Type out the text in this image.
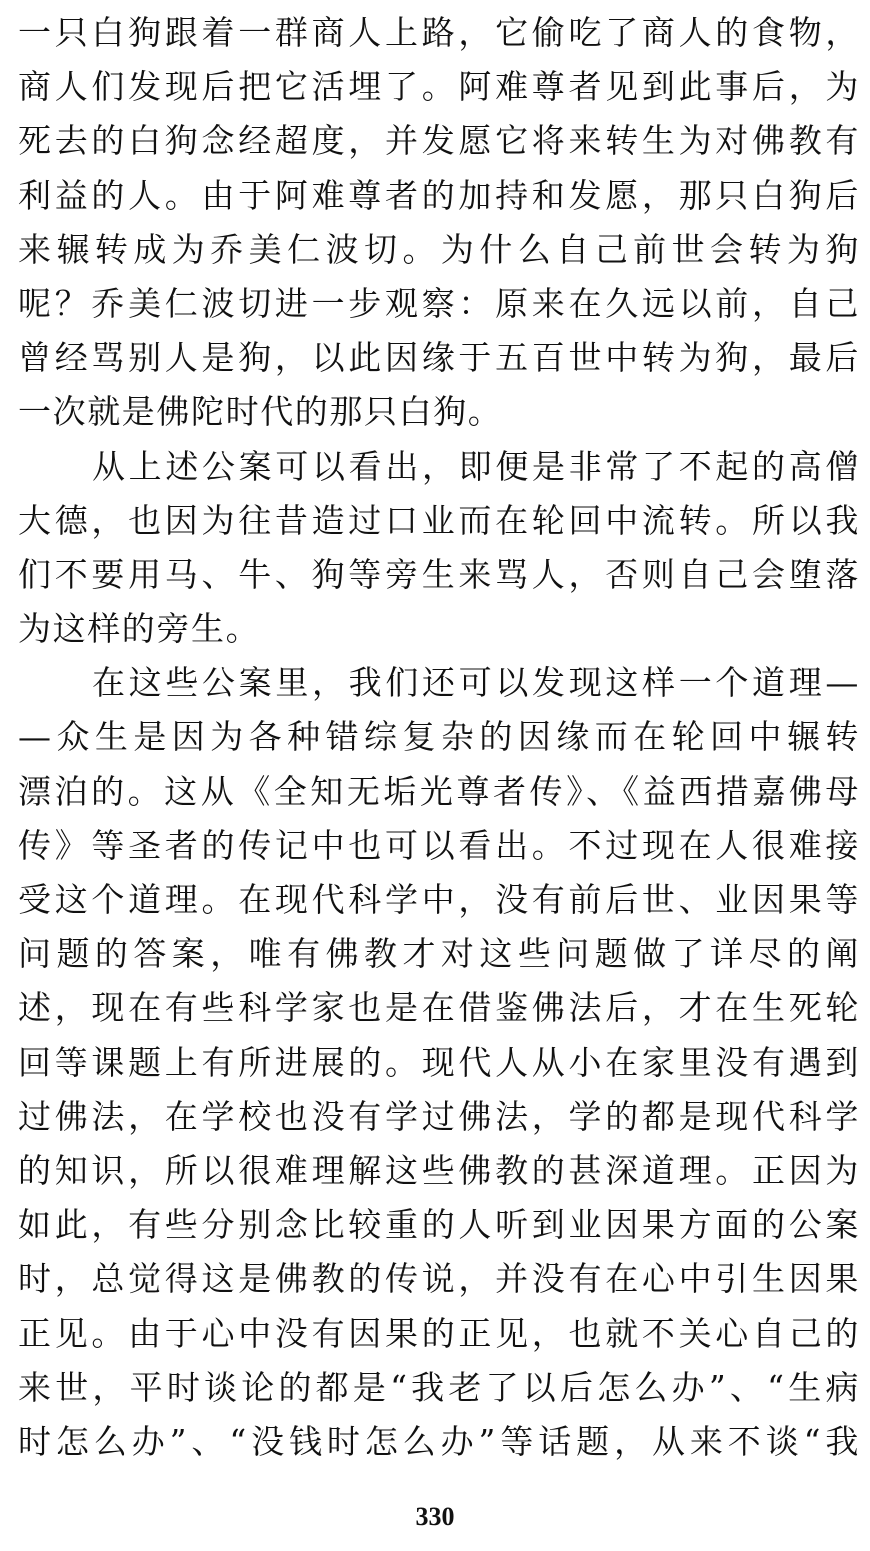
一只白狗跟着一群商人上路，它偷吃了商人的食物，
商人们发现后把它活埋了。阿难尊者见到此事后，为
死去的白狗念经超度，并发愿它将来转生为对佛教有
利益的人。由于阿难尊者的加持和发愿，那只白狗后
来辗转成为乔美仁波切。为什么自己前世会转为狗
呢？乔美仁波切进一步观察：原来在久远以前，自己
曾经骂别人是狗，以此因缘于五百世中转为狗，最后
一次就是佛陀时代的那只白狗。
从上述公案可以看出，即便是非常了不起的高僧
大德，也因为往昔造过口业而在轮回中流转。所以我
们不要用马、牛、狗等旁生来骂人，否则自己会堕落
为这样的旁生。
在这些公案里，我们还可以发现这样一个道理—
—众生是因为各种错综复杂的因缘而在轮回中辗转
漂泊的。这从《全知无垢光尊者传》、《益西措嘉佛母
传》等圣者的传记中也可以看出。不过现在人很难接
受这个道理。在现代科学中，没有前后世、业因果等
问题的答案，唯有佛教才对这些问题做了详尽的阐
述，现在有些科学家也是在借鉴佛法后，才在生死轮
回等课题上有所进展的。现代人从小在家里没有遇到
过佛法，在学校也没有学过佛法，学的都是现代科学
的知识，所以很难理解这些佛教的甚深道理。正因为
如此，有些分别念比较重的人听到业因果方面的公案
时，总觉得这是佛教的传说，并没有在心中引生因果
正见。由于心中没有因果的正见，也就不关心自己的
来世，平时谈论的都是“我老了以后怎么办”、“生病
时怎么办”、“没钱时怎么办”等话题，从来不谈“我
330
